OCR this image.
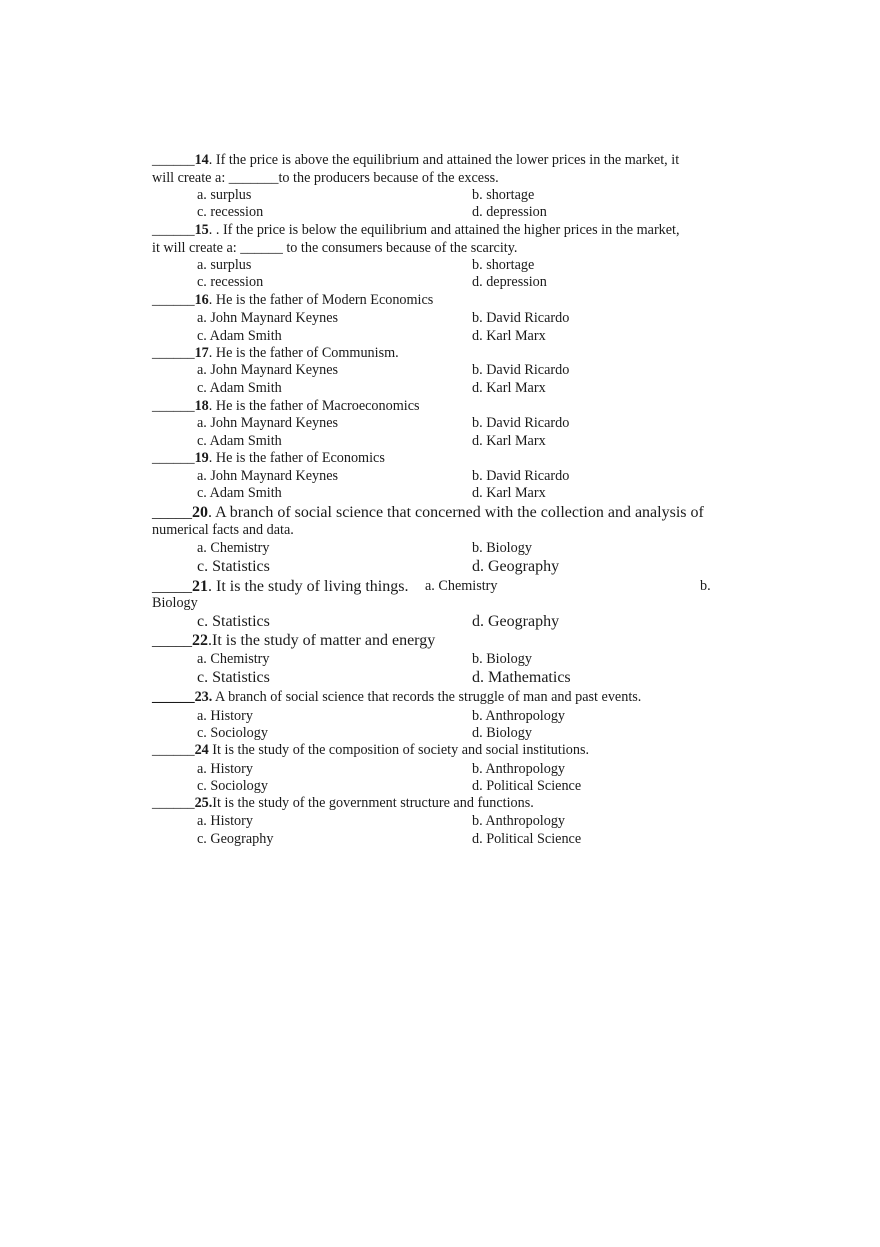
______14. If the price is above the equilibrium and attained the lower prices in the market, it
will create a: _______to the producers because of the excess.
a. surplus	b. shortage
c. recession	d. depression
______15. . If the price is below the equilibrium and attained the higher prices in the market,
it will create a: ______ to the consumers because of the scarcity.
a. surplus	b. shortage
c. recession	d. depression
______16. He is the father of Modern Economics
a. John Maynard Keynes	b. David Ricardo
c. Adam Smith	d. Karl Marx
______17. He is the father of Communism.
a. John Maynard Keynes	b. David Ricardo
c. Adam Smith	d. Karl Marx
______18. He is the father of Macroeconomics
a. John Maynard Keynes	b. David Ricardo
c. Adam Smith	d. Karl Marx
______19. He is the father of Economics
a. John Maynard Keynes	b. David Ricardo
c. Adam Smith	d. Karl Marx
_____20. A branch of social science that concerned with the collection and analysis of
numerical facts and data.
a. Chemistry	b. Biology
c. Statistics	d. Geography
_____21. It is the study of living things. a. Chemistry	b.
Biology
c. Statistics	d. Geography
_____22.It is the study of matter and energy
a. Chemistry	b. Biology
c. Statistics	d. Mathematics
______23. A branch of social science that records the struggle of man and past events.
a. History	b. Anthropology
c. Sociology	d. Biology
______24 It is the study of the composition of society and social institutions.
a. History	b. Anthropology
c. Sociology	d. Political Science
______25.It is the study of the government structure and functions.
a. History	b. Anthropology
c. Geography	d. Political Science
